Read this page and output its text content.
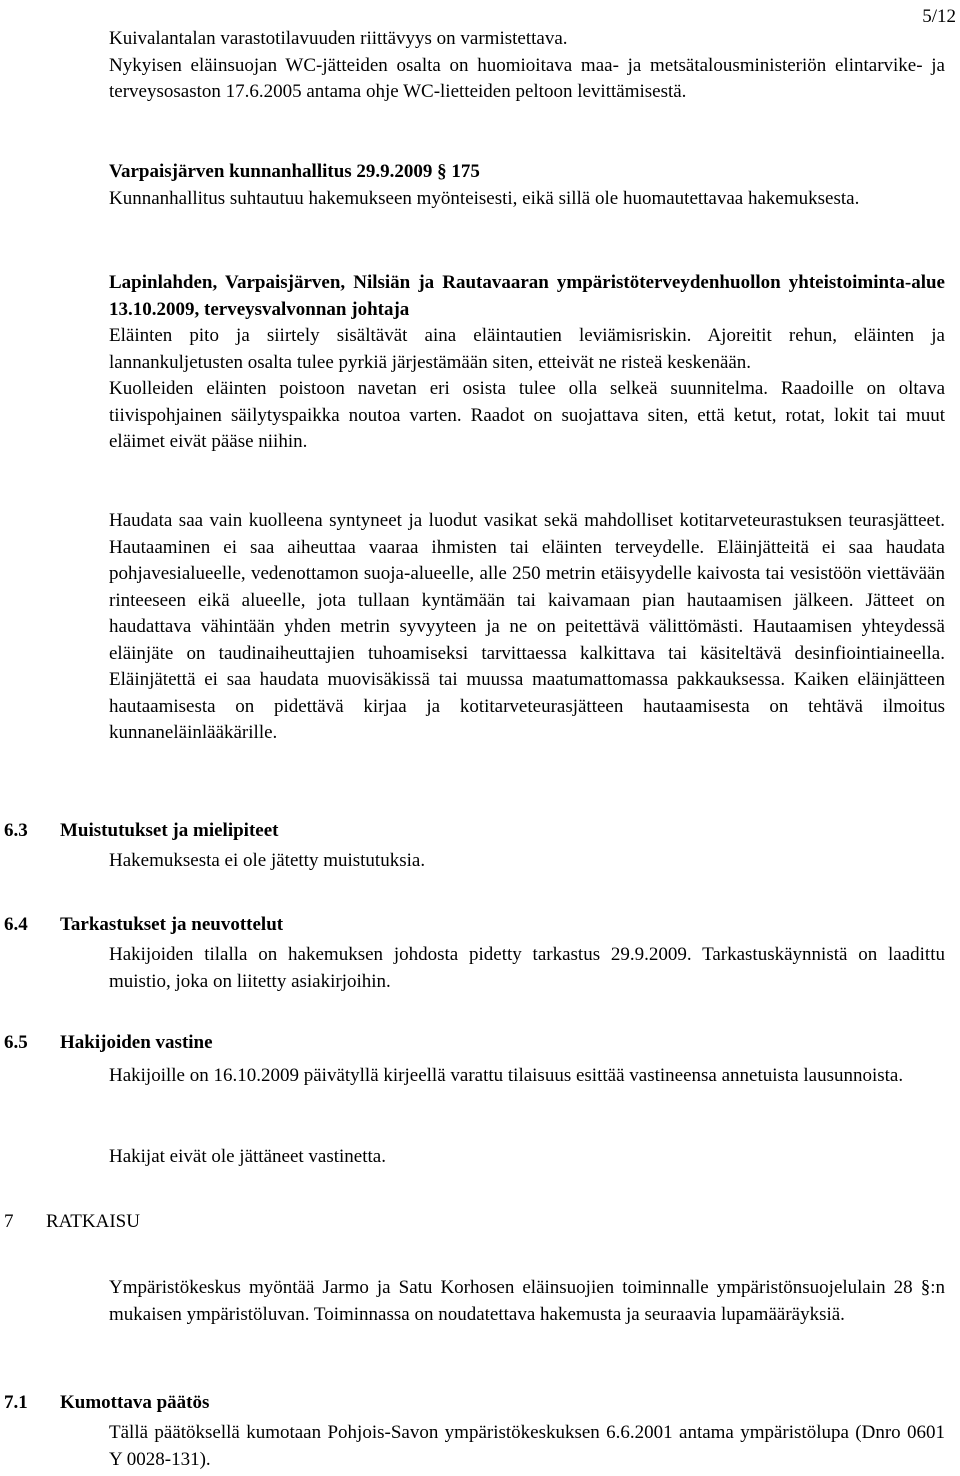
5/12

Kuivalantalan varastotilavuuden riittävyys on varmistettava.

Nykyisen eläinsuojan WC-jätteiden osalta on huomioitava maa- ja metsätalousministeriön elintarvike- ja terveysosaston 17.6.2005 antama ohje WC-lietteiden peltoon levittämisestä.

Varpaisjärven kunnanhallitus 29.9.2009 § 175

Kunnanhallitus suhtautuu hakemukseen myönteisesti, eikä sillä ole huomautettavaa hakemuksesta.

Lapinlahden, Varpaisjärven, Nilsiän ja Rautavaaran ympäristöterveydenhuollon yhteistoiminta-alue 13.10.2009, terveysvalvonnan johtaja

Eläinten pito ja siirtely sisältävät aina eläintautien leviämisriskin. Ajoreitit rehun, eläinten ja lannankuljetusten osalta tulee pyrkiä järjestämään siten, etteivät ne risteä keskenään.

Kuolleiden eläinten poistoon navetan eri osista tulee olla selkeä suunnitelma. Raadoille on oltava tiivispohjainen säilytyspaikka noutoa varten. Raadot on suojattava siten, että ketut, rotat, lokit tai muut eläimet eivät pääse niihin.

Haudata saa vain kuolleena syntyneet ja luodut vasikat sekä mahdolliset kotitarveteurastuksen teurasjätteet. Hautaaminen ei saa aiheuttaa vaaraa ihmisten tai eläinten terveydelle. Eläinjätteitä ei saa haudata pohjavesialueelle, vedenottamon suoja-alueelle, alle 250 metrin etäisyydelle kaivosta tai vesistöön viettävään rinteeseen eikä alueelle, jota tullaan kyntämään tai kaivamaan pian hautaamisen jälkeen. Jätteet on haudattava vähintään yhden metrin syvyyteen ja ne on peitettävä välittömästi. Hautaamisen yhteydessä eläinjäte on taudinaiheuttajien tuhoamiseksi tarvittaessa kalkittava tai käsiteltävä desinfiointiaineella. Eläinjätettä ei saa haudata muovisäkissä tai muussa maatumattomassa pakkauksessa. Kaiken eläinjätteen hautaamisesta on pidettävä kirjaa ja kotitarveteurasjätteen hautaamisesta on tehtävä ilmoitus kunnaneläinlääkärille.

6.3 Muistutukset ja mielipiteet

Hakemuksesta ei ole jätetty muistutuksia.

6.4 Tarkastukset ja neuvottelut

Hakijoiden tilalla on hakemuksen johdosta pidetty tarkastus 29.9.2009. Tarkastuskäynnistä on laadittu muistio, joka on liitetty asiakirjoihin.

6.5 Hakijoiden vastine

Hakijoille on 16.10.2009 päivätyllä kirjeellä varattu tilaisuus esittää vastineensa annetuista lausunnoista.

Hakijat eivät ole jättäneet vastinetta.

7 RATKAISU

Ympäristökeskus myöntää Jarmo ja Satu Korhosen eläinsuojien toiminnalle ympäristönsuojelulain 28 §:n mukaisen ympäristöluvan. Toiminnassa on noudatettava hakemusta ja seuraavia lupamääräyksiä.

7.1 Kumottava päätös

Tällä päätöksellä kumotaan Pohjois-Savon ympäristökeskuksen 6.6.2001 antama ympäristölupa (Dnro 0601 Y 0028-131).
